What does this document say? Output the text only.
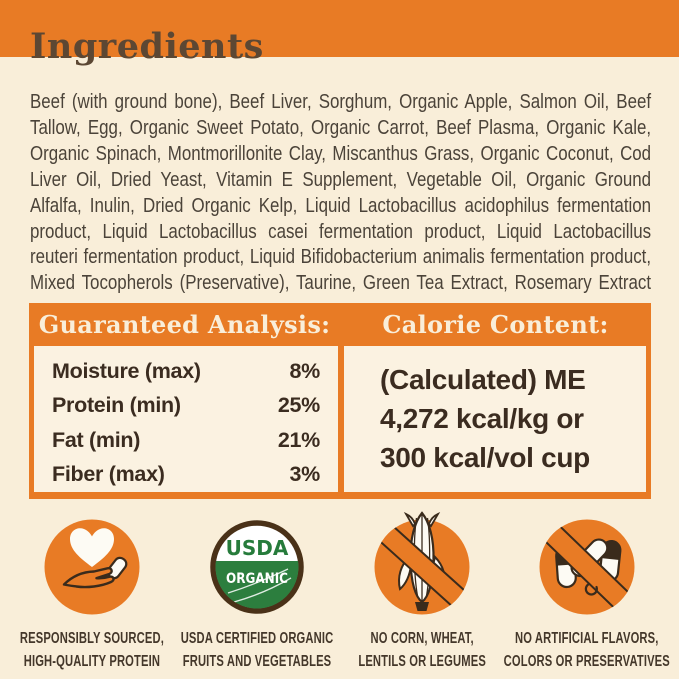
Ingredients

Beef (with ground bone), Beef Liver, Sorghum, Organic Apple, Salmon Oil, Beef Tallow, Egg, Organic Sweet Potato, Organic Carrot, Beef Plasma, Organic Kale, Organic Spinach, Montmorillonite Clay, Miscanthus Grass, Organic Coconut, Cod Liver Oil, Dried Yeast, Vitamin E Supplement, Vegetable Oil, Organic Ground Alfalfa, Inulin, Dried Organic Kelp, Liquid Lactobacillus acidophilus fermentation product, Liquid Lactobacillus casei fermentation product, Liquid Lactobacillus reuteri fermentation product, Liquid Bifidobacterium animalis fermentation product, Mixed Tocopherols (Preservative), Taurine, Green Tea Extract, Rosemary Extract

Guaranteed Analysis:	Calorie Content:
Moisture (max)	8%
Protein (min)	25%
Fat (min)	21%
Fiber (max)	3%
(Calculated) ME
4,272 kcal/kg or
300 kcal/vol cup
RESPONSIBLY SOURCED,
HIGH-QUALITY PROTEIN
USDA
ORGANIC
USDA CERTIFIED ORGANIC
FRUITS AND VEGETABLES
NO CORN, WHEAT,
LENTILS OR LEGUMES
NO ARTIFICIAL FLAVORS,
COLORS OR PRESERVATIVES
